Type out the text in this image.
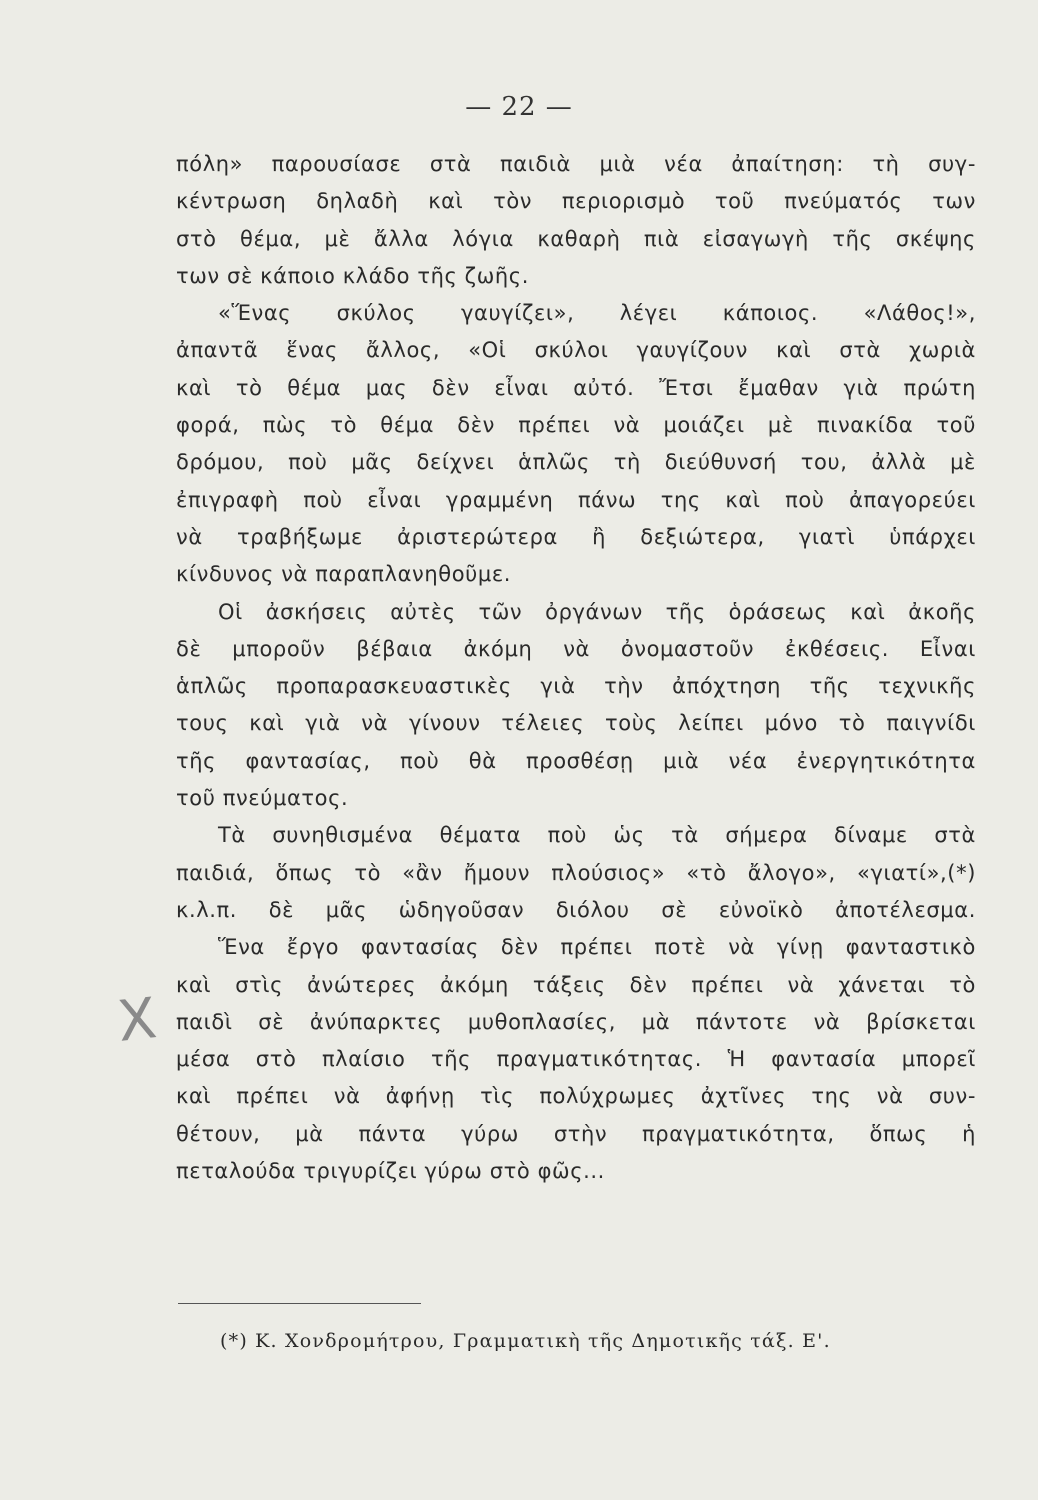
— 22 —
πόλη» παρουσίασε στὰ παιδιὰ μιὰ νέα ἀπαίτηση: τὴ συγ-
κέντρωση δηλαδὴ καὶ τὸν περιορισμὸ τοῦ πνεύματός των
στὸ θέμα, μὲ ἄλλα λόγια καθαρὴ πιὰ εἰσαγωγὴ τῆς σκέψης
των σὲ κάποιο κλάδο τῆς ζωῆς.
«Ἕνας σκύλος γαυγίζει», λέγει κάποιος. «Λάθος!»,
ἀπαντᾶ ἕνας ἄλλος, «Οἱ σκύλοι γαυγίζουν καὶ στὰ χωριὰ
καὶ τὸ θέμα μας δὲν εἶναι αὐτό. Ἔτσι ἔμαθαν γιὰ πρώτη
φορά, πὼς τὸ θέμα δὲν πρέπει νὰ μοιάζει μὲ πινακίδα τοῦ
δρόμου, ποὺ μᾶς δείχνει ἁπλῶς τὴ διεύθυνσή του, ἀλλὰ μὲ
ἐπιγραφὴ ποὺ εἶναι γραμμένη πάνω της καὶ ποὺ ἀπαγορεύει
νὰ τραβήξωμε ἀριστερώτερα ἢ δεξιώτερα, γιατὶ ὑπάρχει
κίνδυνος νὰ παραπλανηθοῦμε.
Οἱ ἀσκήσεις αὐτὲς τῶν ὀργάνων τῆς ὁράσεως καὶ ἀκοῆς
δὲ μποροῦν βέβαια ἀκόμη νὰ ὀνομαστοῦν ἐκθέσεις. Εἶναι
ἁπλῶς προπαρασκευαστικὲς γιὰ τὴν ἀπόχτηση τῆς τεχνικῆς
τους καὶ γιὰ νὰ γίνουν τέλειες τοὺς λείπει μόνο τὸ παιγνίδι
τῆς φαντασίας, ποὺ θὰ προσθέσῃ μιὰ νέα ἐνεργητικότητα
τοῦ πνεύματος.
Τὰ συνηθισμένα θέματα ποὺ ὡς τὰ σήμερα δίναμε στὰ
παιδιά, ὅπως τὸ «ἂν ἤμουν πλούσιος» «τὸ ἄλογο», «γιατί»,(*)
κ.λ.π. δὲ μᾶς ὡδηγοῦσαν διόλου σὲ εὐνοϊκὸ ἀποτέλεσμα.
Ἕνα ἔργο φαντασίας δὲν πρέπει ποτὲ νὰ γίνῃ φανταστικὸ
καὶ στὶς ἀνώτερες ἀκόμη τάξεις δὲν πρέπει νὰ χάνεται τὸ
παιδὶ σὲ ἀνύπαρκτες μυθοπλασίες, μὰ πάντοτε νὰ βρίσκεται
μέσα στὸ πλαίσιο τῆς πραγματικότητας. Ἡ φαντασία μπορεῖ
καὶ πρέπει νὰ ἀφήνῃ τὶς πολύχρωμες ἀχτῖνες της νὰ συν-
θέτουν, μὰ πάντα γύρω στὴν πραγματικότητα, ὅπως ἡ
πεταλούδα τριγυρίζει γύρω στὸ φῶς...
X
(*) Κ. Χονδρομήτρου, Γραμματικὴ τῆς Δημοτικῆς τάξ. Ε'.
